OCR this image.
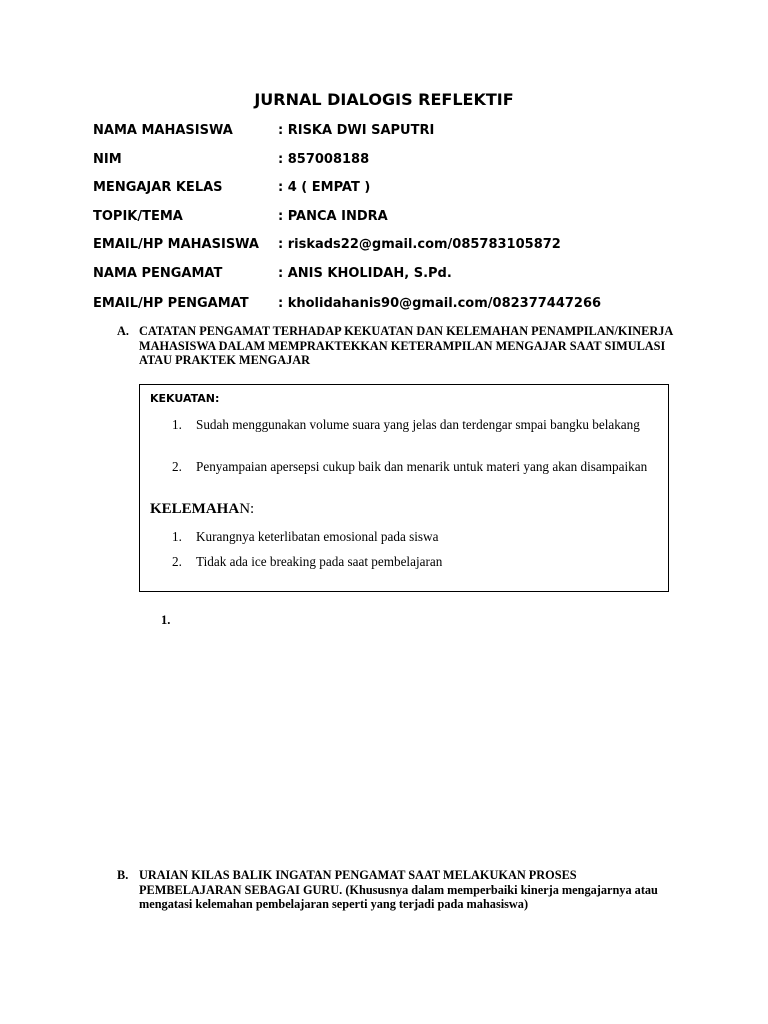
JURNAL DIALOGIS REFLEKTIF
NAMA MAHASISWA	: RISKA DWI SAPUTRI
NIM	: 857008188
MENGAJAR KELAS	: 4 ( EMPAT )
TOPIK/TEMA	: PANCA INDRA
EMAIL/HP MAHASISWA : riskads22@gmail.com/085783105872
NAMA PENGAMAT	: ANIS KHOLIDAH, S.Pd.
EMAIL/HP PENGAMAT : kholidahanis90@gmail.com/082377447266
A. CATATAN PENGAMAT TERHADAP KEKUATAN DAN KELEMAHAN PENAMPILAN/KINERJA MAHASISWA DALAM MEMPRAKTEKKAN KETERAMPILAN MENGAJAR SAAT SIMULASI ATAU PRAKTEK MENGAJAR
KEKUATAN:
1. Sudah menggunakan volume suara yang jelas dan terdengar smpai bangku belakang
2. Penyampaian apersepsi cukup baik dan menarik untuk materi yang akan disampaikan
KELEMAHAN:
1. Kurangnya keterlibatan emosional pada siswa
2. Tidak ada ice breaking pada saat pembelajaran
1.
B. URAIAN KILAS BALIK INGATAN PENGAMAT SAAT MELAKUKAN PROSES PEMBELAJARAN SEBAGAI GURU. (Khususnya dalam memperbaiki kinerja mengajarnya atau mengatasi kelemahan pembelajaran seperti yang terjadi pada mahasiswa)
